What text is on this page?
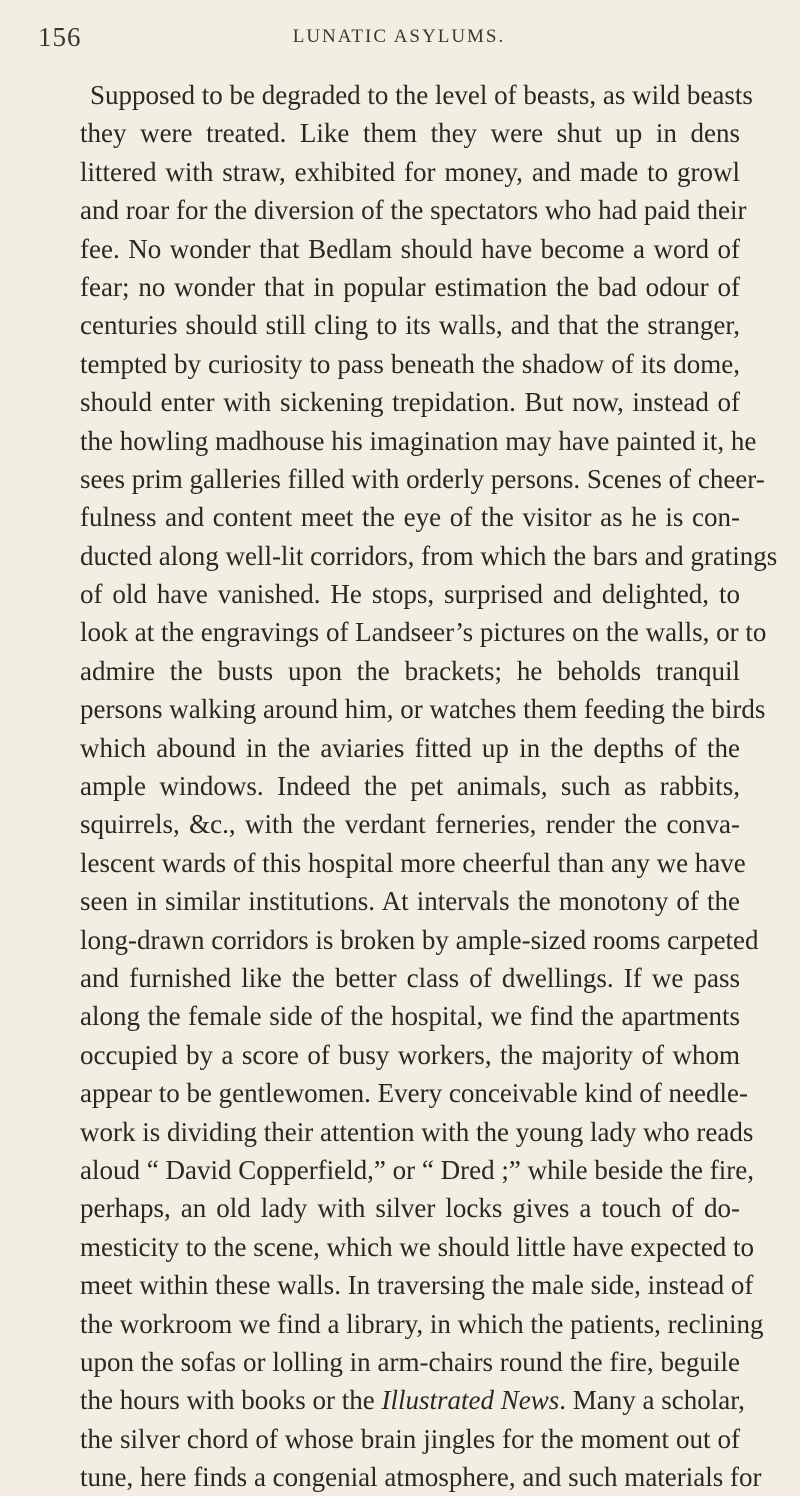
156	LUNATIC ASYLUMS.
Supposed to be degraded to the level of beasts, as wild beasts
they were treated. Like them they were shut up in dens
littered with straw, exhibited for money, and made to growl
and roar for the diversion of the spectators who had paid their
fee. No wonder that Bedlam should have become a word of
fear; no wonder that in popular estimation the bad odour of
centuries should still cling to its walls, and that the stranger,
tempted by curiosity to pass beneath the shadow of its dome,
should enter with sickening trepidation. But now, instead of
the howling madhouse his imagination may have painted it, he
sees prim galleries filled with orderly persons. Scenes of cheer-
fulness and content meet the eye of the visitor as he is con-
ducted along well-lit corridors, from which the bars and gratings
of old have vanished. He stops, surprised and delighted, to
look at the engravings of Landseer’s pictures on the walls, or to
admire the busts upon the brackets; he beholds tranquil
persons walking around him, or watches them feeding the birds
which abound in the aviaries fitted up in the depths of the
ample windows. Indeed the pet animals, such as rabbits,
squirrels, &c., with the verdant ferneries, render the conva-
lescent wards of this hospital more cheerful than any we have
seen in similar institutions. At intervals the monotony of the
long-drawn corridors is broken by ample-sized rooms carpeted
and furnished like the better class of dwellings. If we pass
along the female side of the hospital, we find the apartments
occupied by a score of busy workers, the majority of whom
appear to be gentlewomen. Every conceivable kind of needle-
work is dividing their attention with the young lady who reads
aloud “ David Copperfield,” or “ Dred ;” while beside the fire,
perhaps, an old lady with silver locks gives a touch of do-
mesticity to the scene, which we should little have expected to
meet within these walls. In traversing the male side, instead of
the workroom we find a library, in which the patients, reclining
upon the sofas or lolling in arm-chairs round the fire, beguile
the hours with books or the Illustrated News. Many a scholar,
the silver chord of whose brain jingles for the moment out of
tune, here finds a congenial atmosphere, and such materials for
